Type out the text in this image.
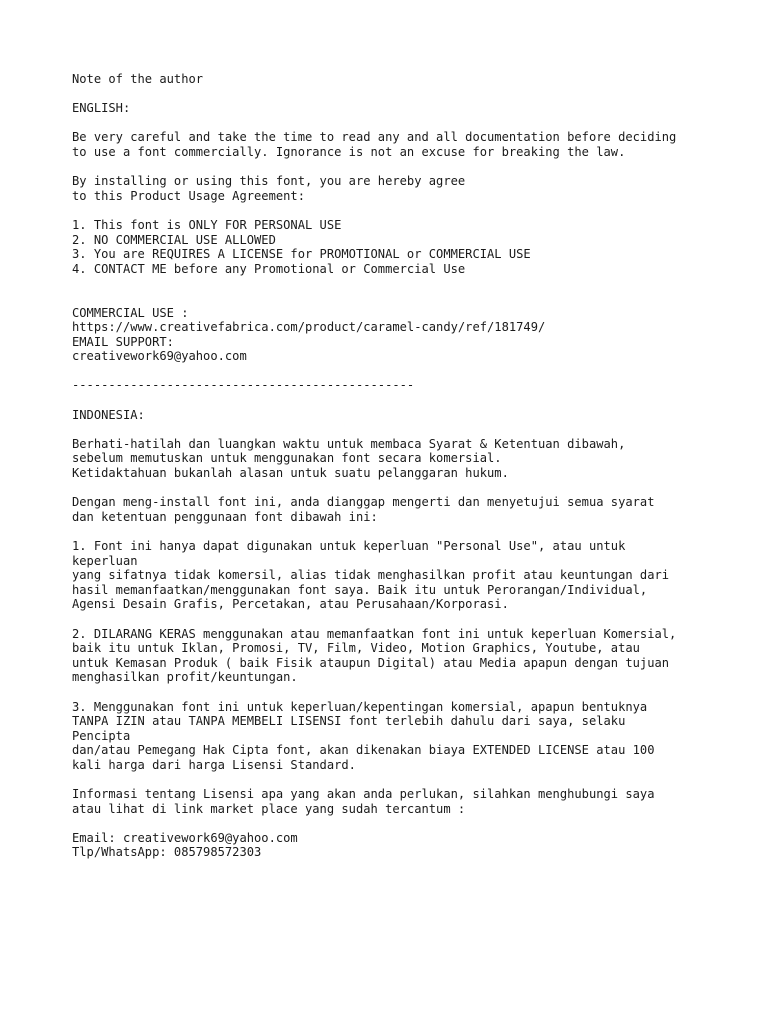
Note of the author
ENGLISH:
Be very careful and take the time to read any and all documentation before deciding
to use a font commercially. Ignorance is not an excuse for breaking the law.
By installing or using this font, you are hereby agree
to this Product Usage Agreement:
1. This font is ONLY FOR PERSONAL USE
2. NO COMMERCIAL USE ALLOWED
3. You are REQUIRES A LICENSE for PROMOTIONAL or COMMERCIAL USE
4. CONTACT ME before any Promotional or Commercial Use
COMMERCIAL USE :
https://www.creativefabrica.com/product/caramel-candy/ref/181749/
EMAIL SUPPORT:
creativework69@yahoo.com
-----------------------------------------------
INDONESIA:
Berhati-hatilah dan luangkan waktu untuk membaca Syarat & Ketentuan dibawah,
sebelum memutuskan untuk menggunakan font secara komersial.
Ketidaktahuan bukanlah alasan untuk suatu pelanggaran hukum.
Dengan meng-install font ini, anda dianggap mengerti dan menyetujui semua syarat
dan ketentuan penggunaan font dibawah ini:
1. Font ini hanya dapat digunakan untuk keperluan "Personal Use", atau untuk
keperluan
yang sifatnya tidak komersil, alias tidak menghasilkan profit atau keuntungan dari
hasil memanfaatkan/menggunakan font saya. Baik itu untuk Perorangan/Individual,
Agensi Desain Grafis, Percetakan, atau Perusahaan/Korporasi.
2. DILARANG KERAS menggunakan atau memanfaatkan font ini untuk keperluan Komersial,
baik itu untuk Iklan, Promosi, TV, Film, Video, Motion Graphics, Youtube, atau
untuk Kemasan Produk ( baik Fisik ataupun Digital) atau Media apapun dengan tujuan
menghasilkan profit/keuntungan.
3. Menggunakan font ini untuk keperluan/kepentingan komersial, apapun bentuknya
TANPA IZIN atau TANPA MEMBELI LISENSI font terlebih dahulu dari saya, selaku
Pencipta
dan/atau Pemegang Hak Cipta font, akan dikenakan biaya EXTENDED LICENSE atau 100
kali harga dari harga Lisensi Standard.
Informasi tentang Lisensi apa yang akan anda perlukan, silahkan menghubungi saya
atau lihat di link market place yang sudah tercantum :
Email: creativework69@yahoo.com
Tlp/WhatsApp: 085798572303
